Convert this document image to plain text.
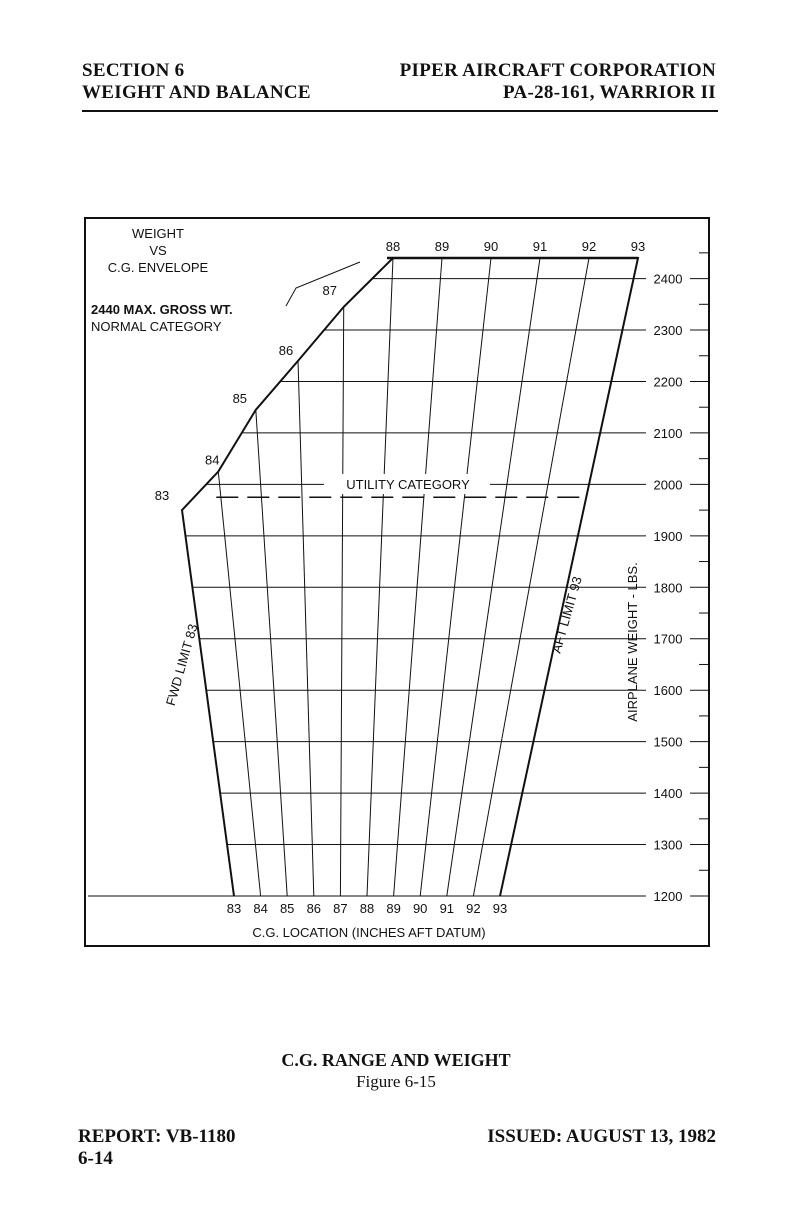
SECTION 6
WEIGHT AND BALANCE
PIPER AIRCRAFT CORPORATION
PA-28-161, WARRIOR II
1200
1300
1400
1500
1600
1700
1800
1900
2000
2100
2200
2300
2400
WEIGHT
VS
C.G. ENVELOPE
88	89	90	91	92	93
83 84 85 86 87 88 89 90 91 92 93
C.G. LOCATION (INCHES AFT DATUM)
AIRPLANE WEIGHT - LBS.
83
84
85
86
87
2440 MAX. GROSS WT.
NORMAL CATEGORY
UTILITY CATEGORY
FWD LIMIT 83
AFT LIMIT 93
C.G. RANGE AND WEIGHT
Figure 6-15
REPORT: VB-1180
6-14
ISSUED: AUGUST 13, 1982
